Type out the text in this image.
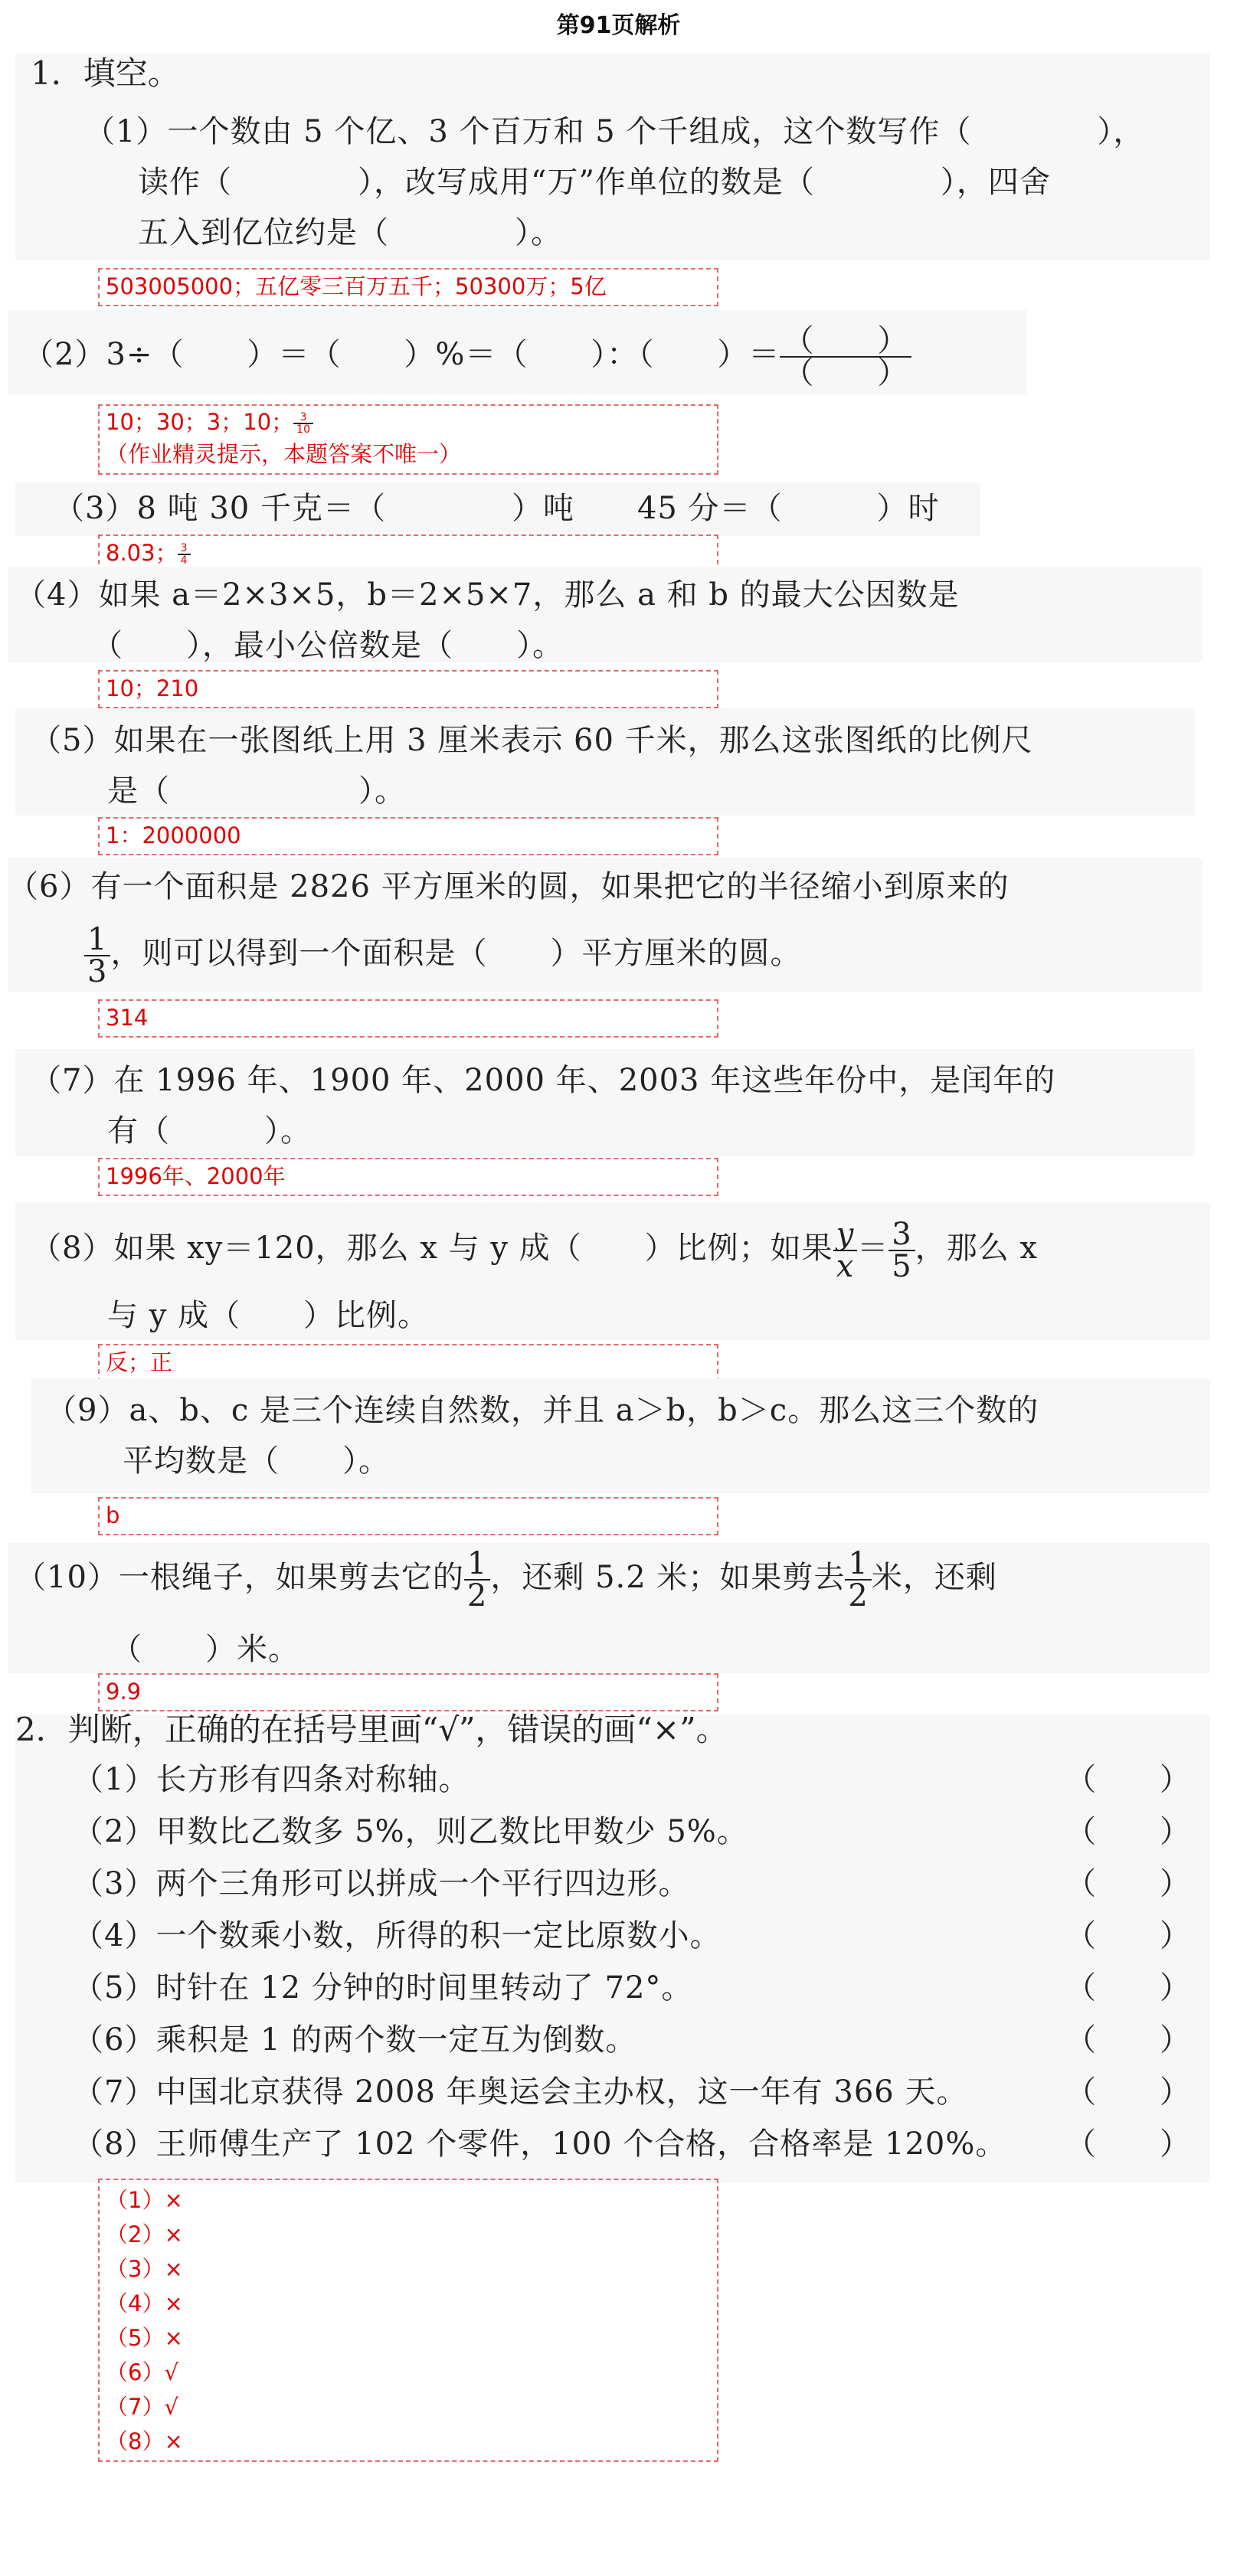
第91页解析
1．填空。
（1）一个数由 5 个亿、3 个百万和 5 个千组成，这个数写作（　　　　），
读作（　　　　），改写成用“万”作单位的数是（　　　　），四舍
五入到亿位约是（　　　　）。
503005000；五亿零三百万五千；50300万；5亿
（2）3÷（　　）＝（　　）%＝（　　）：（　　）＝ $\frac{( )}{( )}$
10；30；3；10； $\frac{3}{10}$
（作业精灵提示，本题答案不唯一）
（3）8 吨 30 千克＝（　　　　）吨　　45 分＝（　　　）时
8.03； $\frac{3}{4}$
（4）如果 a＝2×3×5，b＝2×5×7，那么 a 和 b 的最大公因数是
（　　），最小公倍数是（　　）。
10；210
（5）如果在一张图纸上用 3 厘米表示 60 千米，那么这张图纸的比例尺
是（　　　　　　）。
1：2000000
（6）有一个面积是 2826 平方厘米的圆，如果把它的半径缩小到原来的
$\frac{1}{3}$ ，则可以得到一个面积是（　　）平方厘米的圆。
314
（7）在 1996 年、1900 年、2000 年、2003 年这些年份中，是闰年的
有（　　　）。
1996年、2000年
（8）如果 xy＝120，那么 x 与 y 成（　　）比例；如果 $\frac{y}{x} = \frac{3}{5}$ ，那么 x
与 y 成（　　）比例。
反；正
（9）a、b、c 是三个连续自然数，并且 a＞b，b＞c。那么这三个数的
平均数是（　　）。
b
（10）一根绳子，如果剪去它的 $\frac{1}{2}$ ，还剩 5.2 米；如果剪去 $\frac{1}{2}$ 米，还剩
（　　）米。
9.9
2．判断，正确的在括号里画“√”，错误的画“×”。
（1）长方形有四条对称轴。	（　　）
（2）甲数比乙数多 5%，则乙数比甲数少 5%。	（　　）
（3）两个三角形可以拼成一个平行四边形。	（　　）
（4）一个数乘小数，所得的积一定比原数小。	（　　）
（5）时针在 12 分钟的时间里转动了 72°。	（　　）
（6）乘积是 1 的两个数一定互为倒数。	（　　）
（7）中国北京获得 2008 年奥运会主办权，这一年有 366 天。	（　　）
（8）王师傅生产了 102 个零件，100 个合格，合格率是 120%。 （　　）
（1）×
（2）×
（3）×
（4）×
（5）×
（6）√
（7）√
（8）×
